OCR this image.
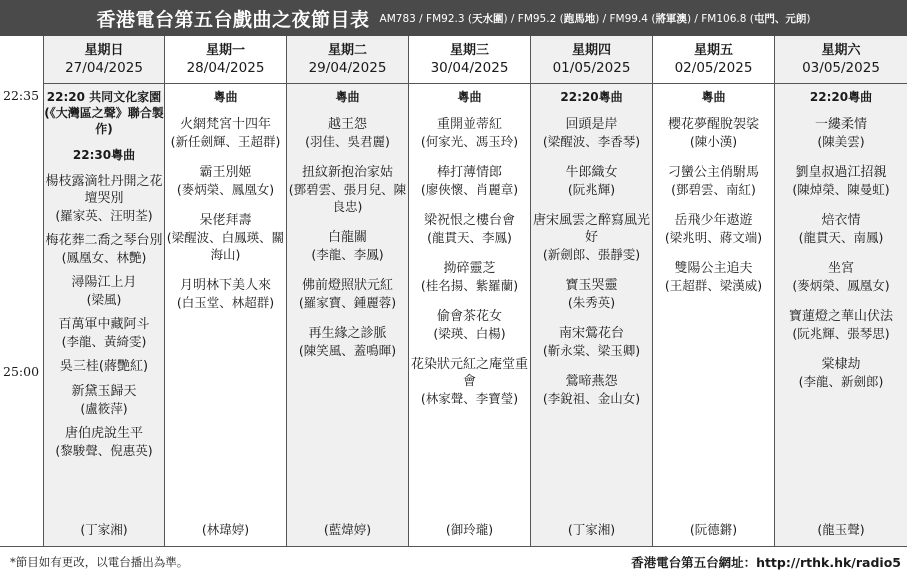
香港電台第五台戲曲之夜節目表 AM783 / FM92.3 (天水圍) / FM95.2 (跑馬地) / FM99.4 (將軍澳) / FM106.8 (屯門、元朗)
22:35
25:00
星期日
27/04/2025
22:20 共同文化家園
(《大灣區之聲》聯合製作)
22:30粵曲
楊枝露滴牡丹開之花壇哭別
(羅家英、汪明荃)
梅花葬二喬之琴台別
(鳳凰女、林艷)
潯陽江上月
(梁風)
百萬軍中藏阿斗
(李龍、黃綺雯)
吳三桂(蔣艷紅)
新黛玉歸天
(盧筱萍)
唐伯虎說生平
(黎駿聲、倪惠英)
(丁家湘)
星期一
28/04/2025
粵曲
火網梵宮十四年
(新任劍輝、王超群)
霸王別姬
(麥炳榮、鳳凰女)
呆佬拜壽
(梁醒波、白鳳瑛、關海山)
月明林下美人來
(白玉堂、林超群)
(林瑋婷)
星期二
29/04/2025
粵曲
越王怨
(羽佳、吳君麗)
扭紋新抱治家姑
(鄧碧雲、張月兒、陳良忠)
白龍關
(李龍、李鳳)
佛前燈照狀元紅
(羅家寶、鍾麗蓉)
再生緣之診脈
(陳笑風、蓋鳴暉)
(藍煒婷)
星期三
30/04/2025
粵曲
重開並蒂紅
(何家光、馮玉玲)
棒打薄情郎
(廖俠懷、肖麗章)
梁祝恨之樓台會
(龍貫天、李鳳)
拗碎靈芝
(桂名揚、紫羅蘭)
偷會茶花女
(梁瑛、白楊)
花染狀元紅之庵堂重會
(林家聲、李寶瑩)
(御玲瓏)
星期四
01/05/2025
22:20粵曲
回頭是岸
(梁醒波、李香琴)
牛郎織女
(阮兆輝)
唐宋風雲之醉寫風光好
(新劍郎、張靜雯)
寶玉哭靈
(朱秀英)
南宋鶯花台
(靳永棠、梁玉卿)
鶯啼燕怨
(李銳祖、金山女)
(丁家湘)
星期五
02/05/2025
粵曲
櫻花夢醒脫袈裟
(陳小漢)
刁蠻公主俏駙馬
(鄧碧雲、南紅)
岳飛少年遨遊
(梁兆明、蔣文端)
雙陽公主追夫
(王超群、梁漢威)
(阮德鏘)
星期六
03/05/2025
22:20粵曲
一縷柔情
(陳美雲)
劉皇叔過江招親
(陳焯榮、陳曼虹)
焙衣情
(龍貫天、南鳳)
坐宮
(麥炳榮、鳳凰女)
寶蓮燈之華山伏法
(阮兆輝、張琴思)
棠棣劫
(李龍、新劍郎)
(龍玉聲)
*節目如有更改，以電台播出為準。	香港電台第五台網址：http://rthk.hk/radio5
